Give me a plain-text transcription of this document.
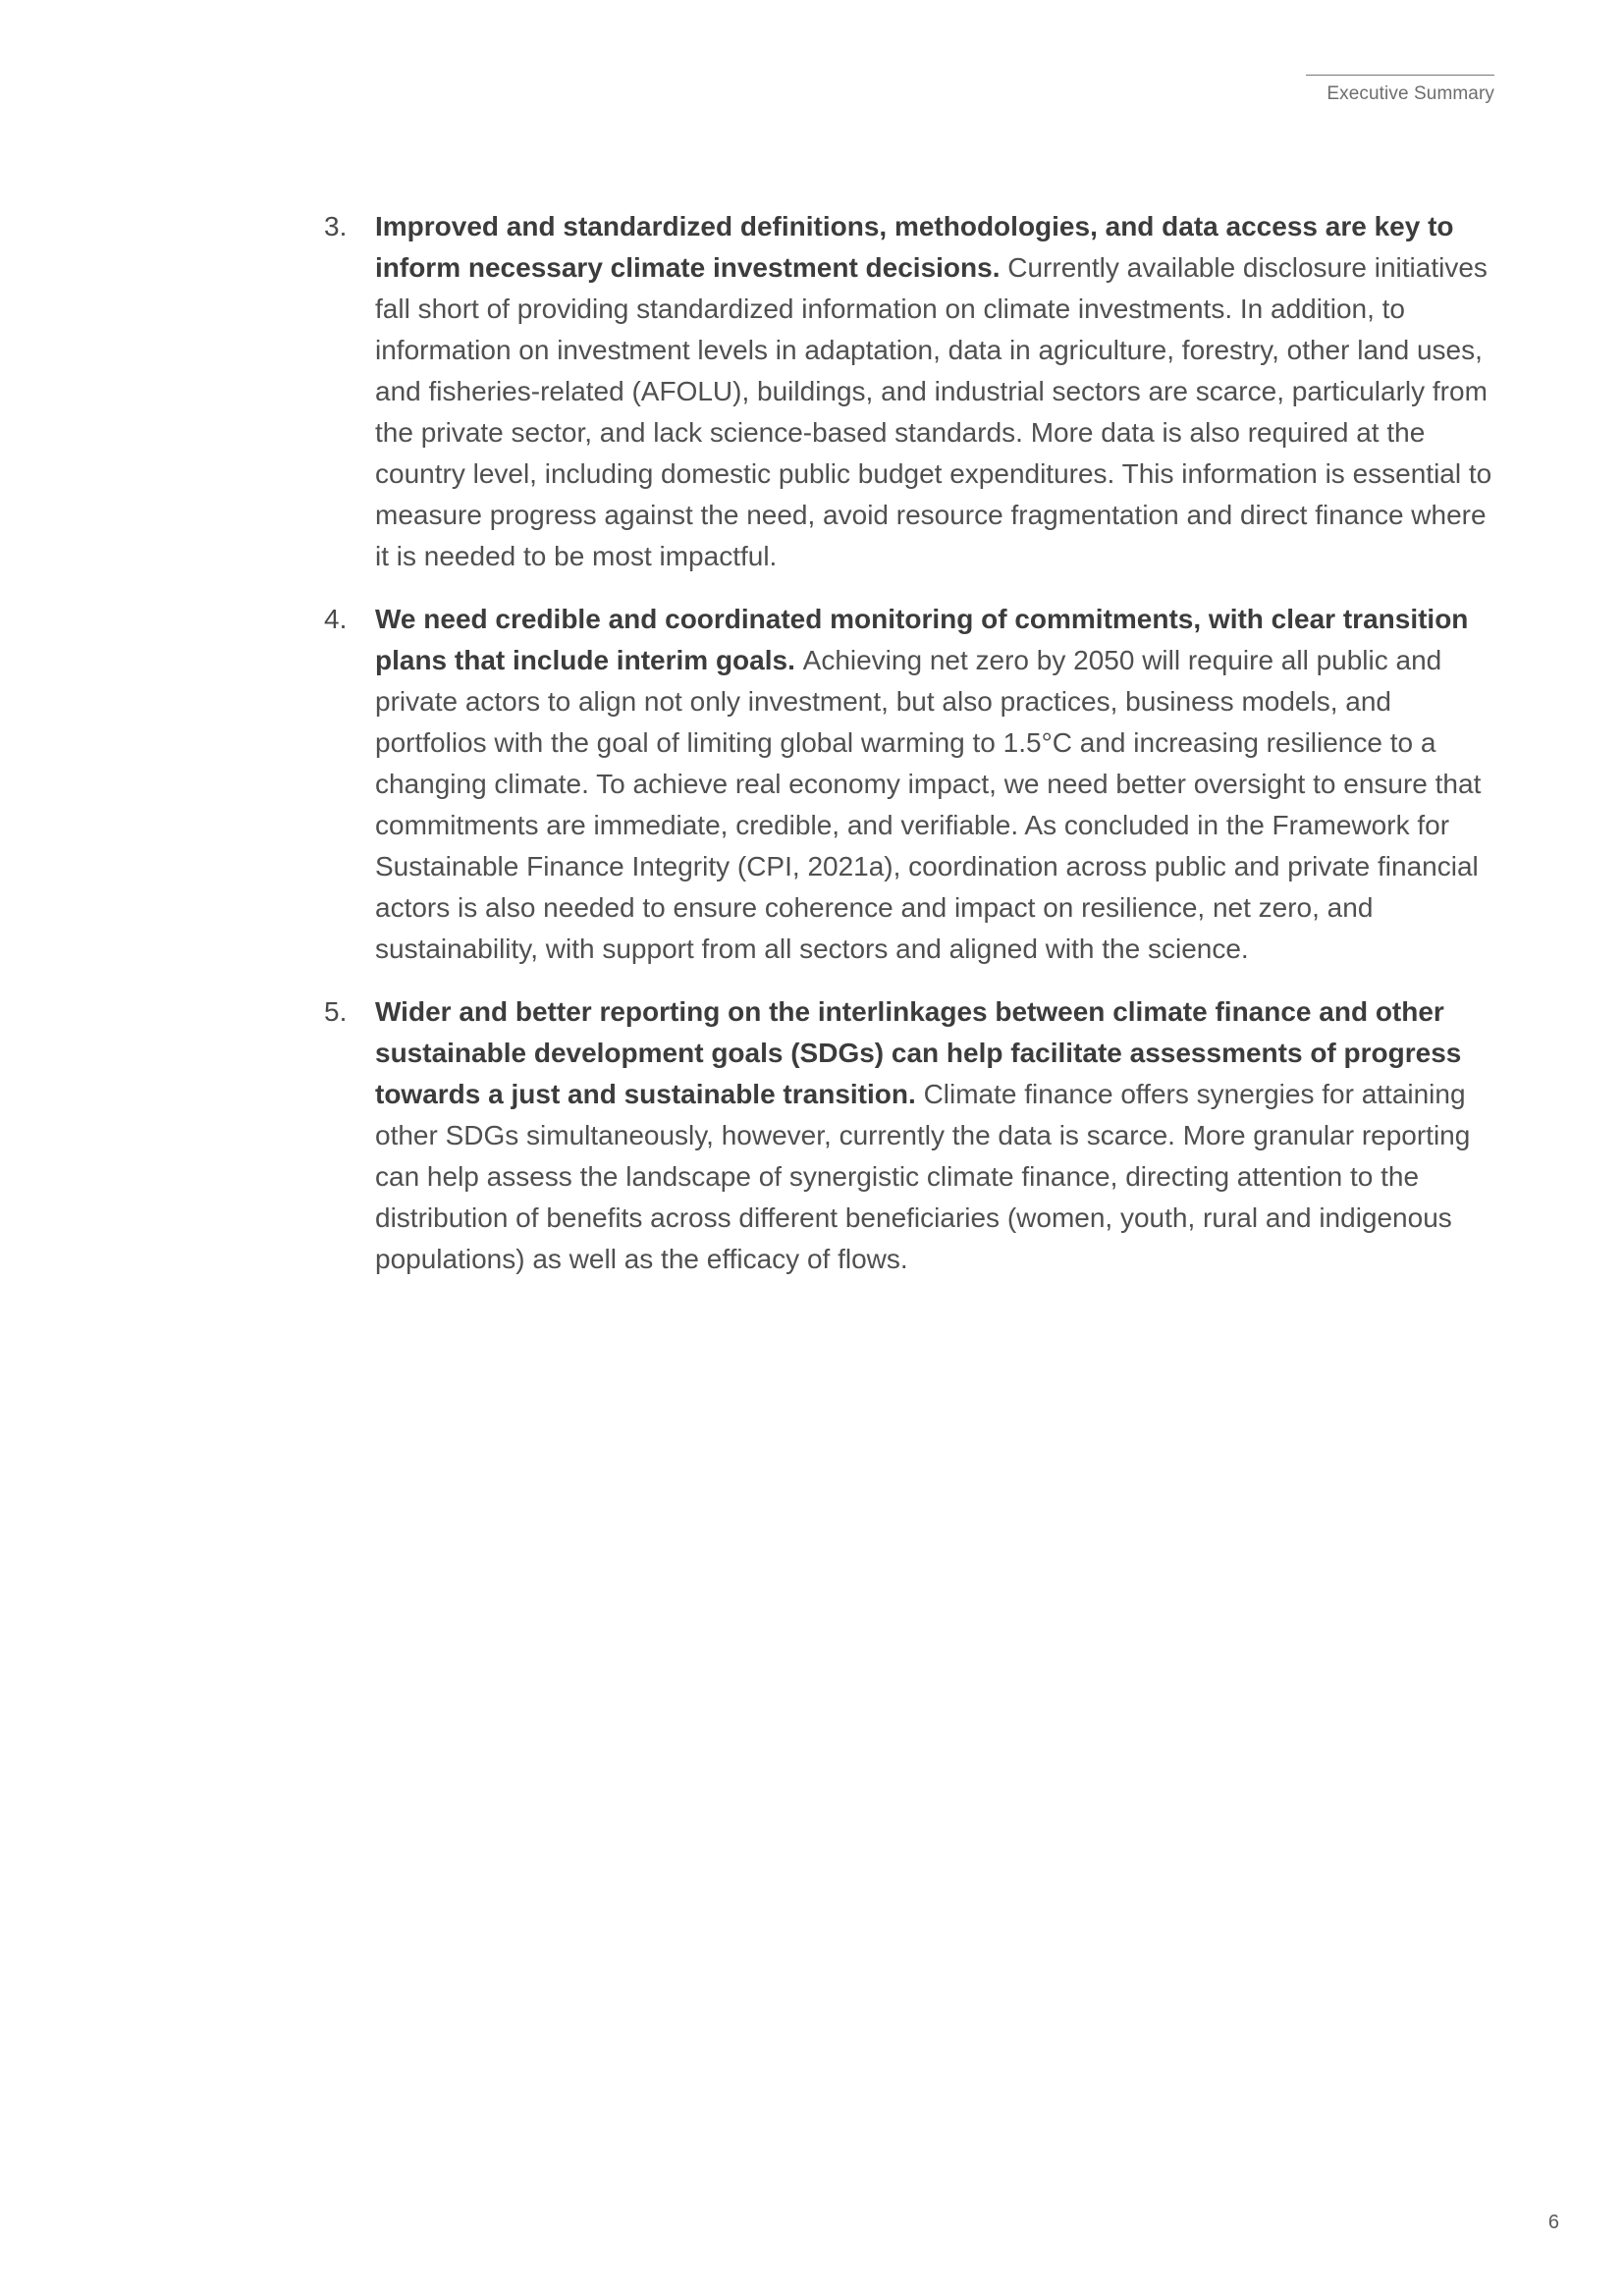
Executive Summary
3.	Improved and standardized definitions, methodologies, and data access are key to inform necessary climate investment decisions. Currently available disclosure initiatives fall short of providing standardized information on climate investments. In addition, to information on investment levels in adaptation, data in agriculture, forestry, other land uses, and fisheries-related (AFOLU), buildings, and industrial sectors are scarce, particularly from the private sector, and lack science-based standards. More data is also required at the country level, including domestic public budget expenditures. This information is essential to measure progress against the need, avoid resource fragmentation and direct finance where it is needed to be most impactful.
4.	We need credible and coordinated monitoring of commitments, with clear transition plans that include interim goals. Achieving net zero by 2050 will require all public and private actors to align not only investment, but also practices, business models, and portfolios with the goal of limiting global warming to 1.5°C and increasing resilience to a changing climate. To achieve real economy impact, we need better oversight to ensure that commitments are immediate, credible, and verifiable. As concluded in the Framework for Sustainable Finance Integrity (CPI, 2021a), coordination across public and private financial actors is also needed to ensure coherence and impact on resilience, net zero, and sustainability, with support from all sectors and aligned with the science.
5.	Wider and better reporting on the interlinkages between climate finance and other sustainable development goals (SDGs) can help facilitate assessments of progress towards a just and sustainable transition. Climate finance offers synergies for attaining other SDGs simultaneously, however, currently the data is scarce. More granular reporting can help assess the landscape of synergistic climate finance, directing attention to the distribution of benefits across different beneficiaries (women, youth, rural and indigenous populations) as well as the efficacy of flows.
6
